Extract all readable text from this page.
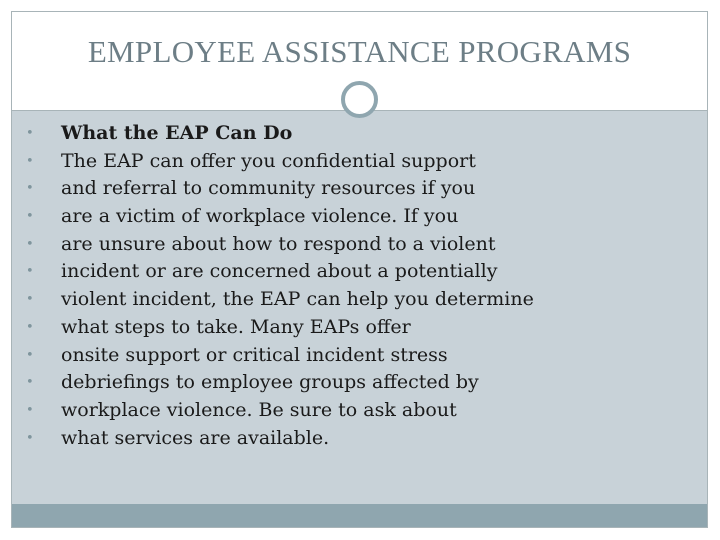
EMPLOYEE ASSISTANCE PROGRAMS
• What the EAP Can Do
• The EAP can offer you confidential support
• and referral to community resources if you
• are a victim of workplace violence. If you
• are unsure about how to respond to a violent
• incident or are concerned about a potentially
• violent incident, the EAP can help you determine
• what steps to take. Many EAPs offer
• onsite support or critical incident stress
• debriefings to employee groups affected by
• workplace violence. Be sure to ask about
• what services are available.
